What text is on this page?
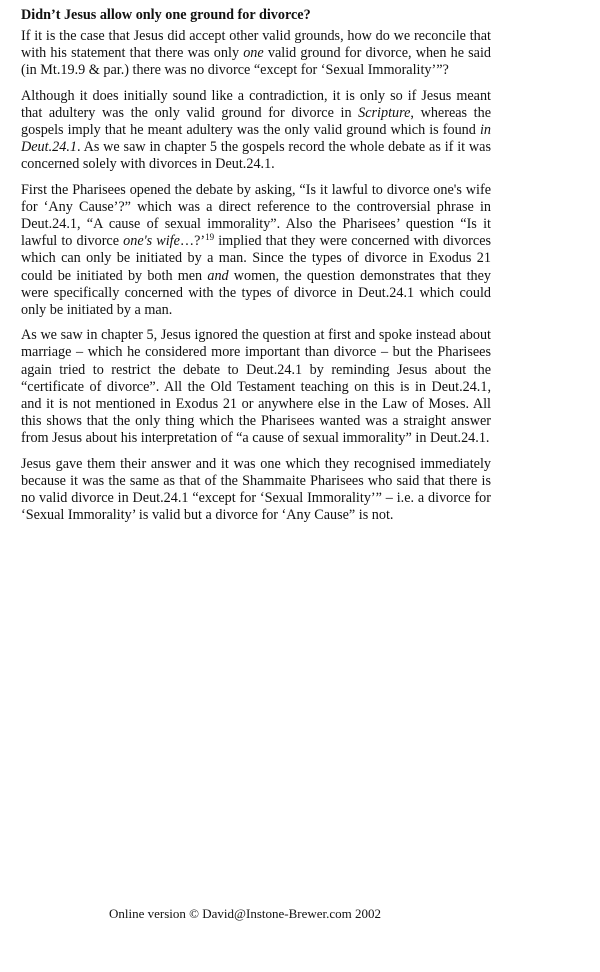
Didn’t Jesus allow only one ground for divorce?

If it is the case that Jesus did accept other valid grounds, how do we reconcile that with his statement that there was only one valid ground for divorce, when he said (in Mt.19.9 & par.) there was no divorce “except for ‘Sexual Immorality’”?

Although it does initially sound like a contradiction, it is only so if Jesus meant that adultery was the only valid ground for divorce in Scripture, whereas the gospels imply that he meant adultery was the only valid ground which is found in Deut.24.1. As we saw in chapter 5 the gospels record the whole debate as if it was concerned solely with divorces in Deut.24.1.

First the Pharisees opened the debate by asking, “Is it lawful to divorce one's wife for ‘Any Cause’?” which was a direct reference to the controversial phrase in Deut.24.1, “A cause of sexual immorality”. Also the Pharisees’ question “Is it lawful to divorce one's wife…?’$^{19}$ implied that they were concerned with divorces which can only be initiated by a man. Since the types of divorce in Exodus 21 could be initiated by both men and women, the question demonstrates that they were specifically concerned with the types of divorce in Deut.24.1 which could only be initiated by a man.

As we saw in chapter 5, Jesus ignored the question at first and spoke instead about marriage – which he considered more important than divorce – but the Pharisees again tried to restrict the debate to Deut.24.1 by reminding Jesus about the “certificate of divorce”. All the Old Testament teaching on this is in Deut.24.1, and it is not mentioned in Exodus 21 or anywhere else in the Law of Moses. All this shows that the only thing which the Pharisees wanted was a straight answer from Jesus about his interpretation of “a cause of sexual immorality” in Deut.24.1.

Jesus gave them their answer and it was one which they recognised immediately because it was the same as that of the Shammaite Pharisees who said that there is no valid divorce in Deut.24.1 “except for ‘Sexual Immorality’” – i.e. a divorce for ‘Sexual Immorality’ is valid but a divorce for ‘Any Cause” is not.

Online version © David@Instone-Brewer.com 2002
